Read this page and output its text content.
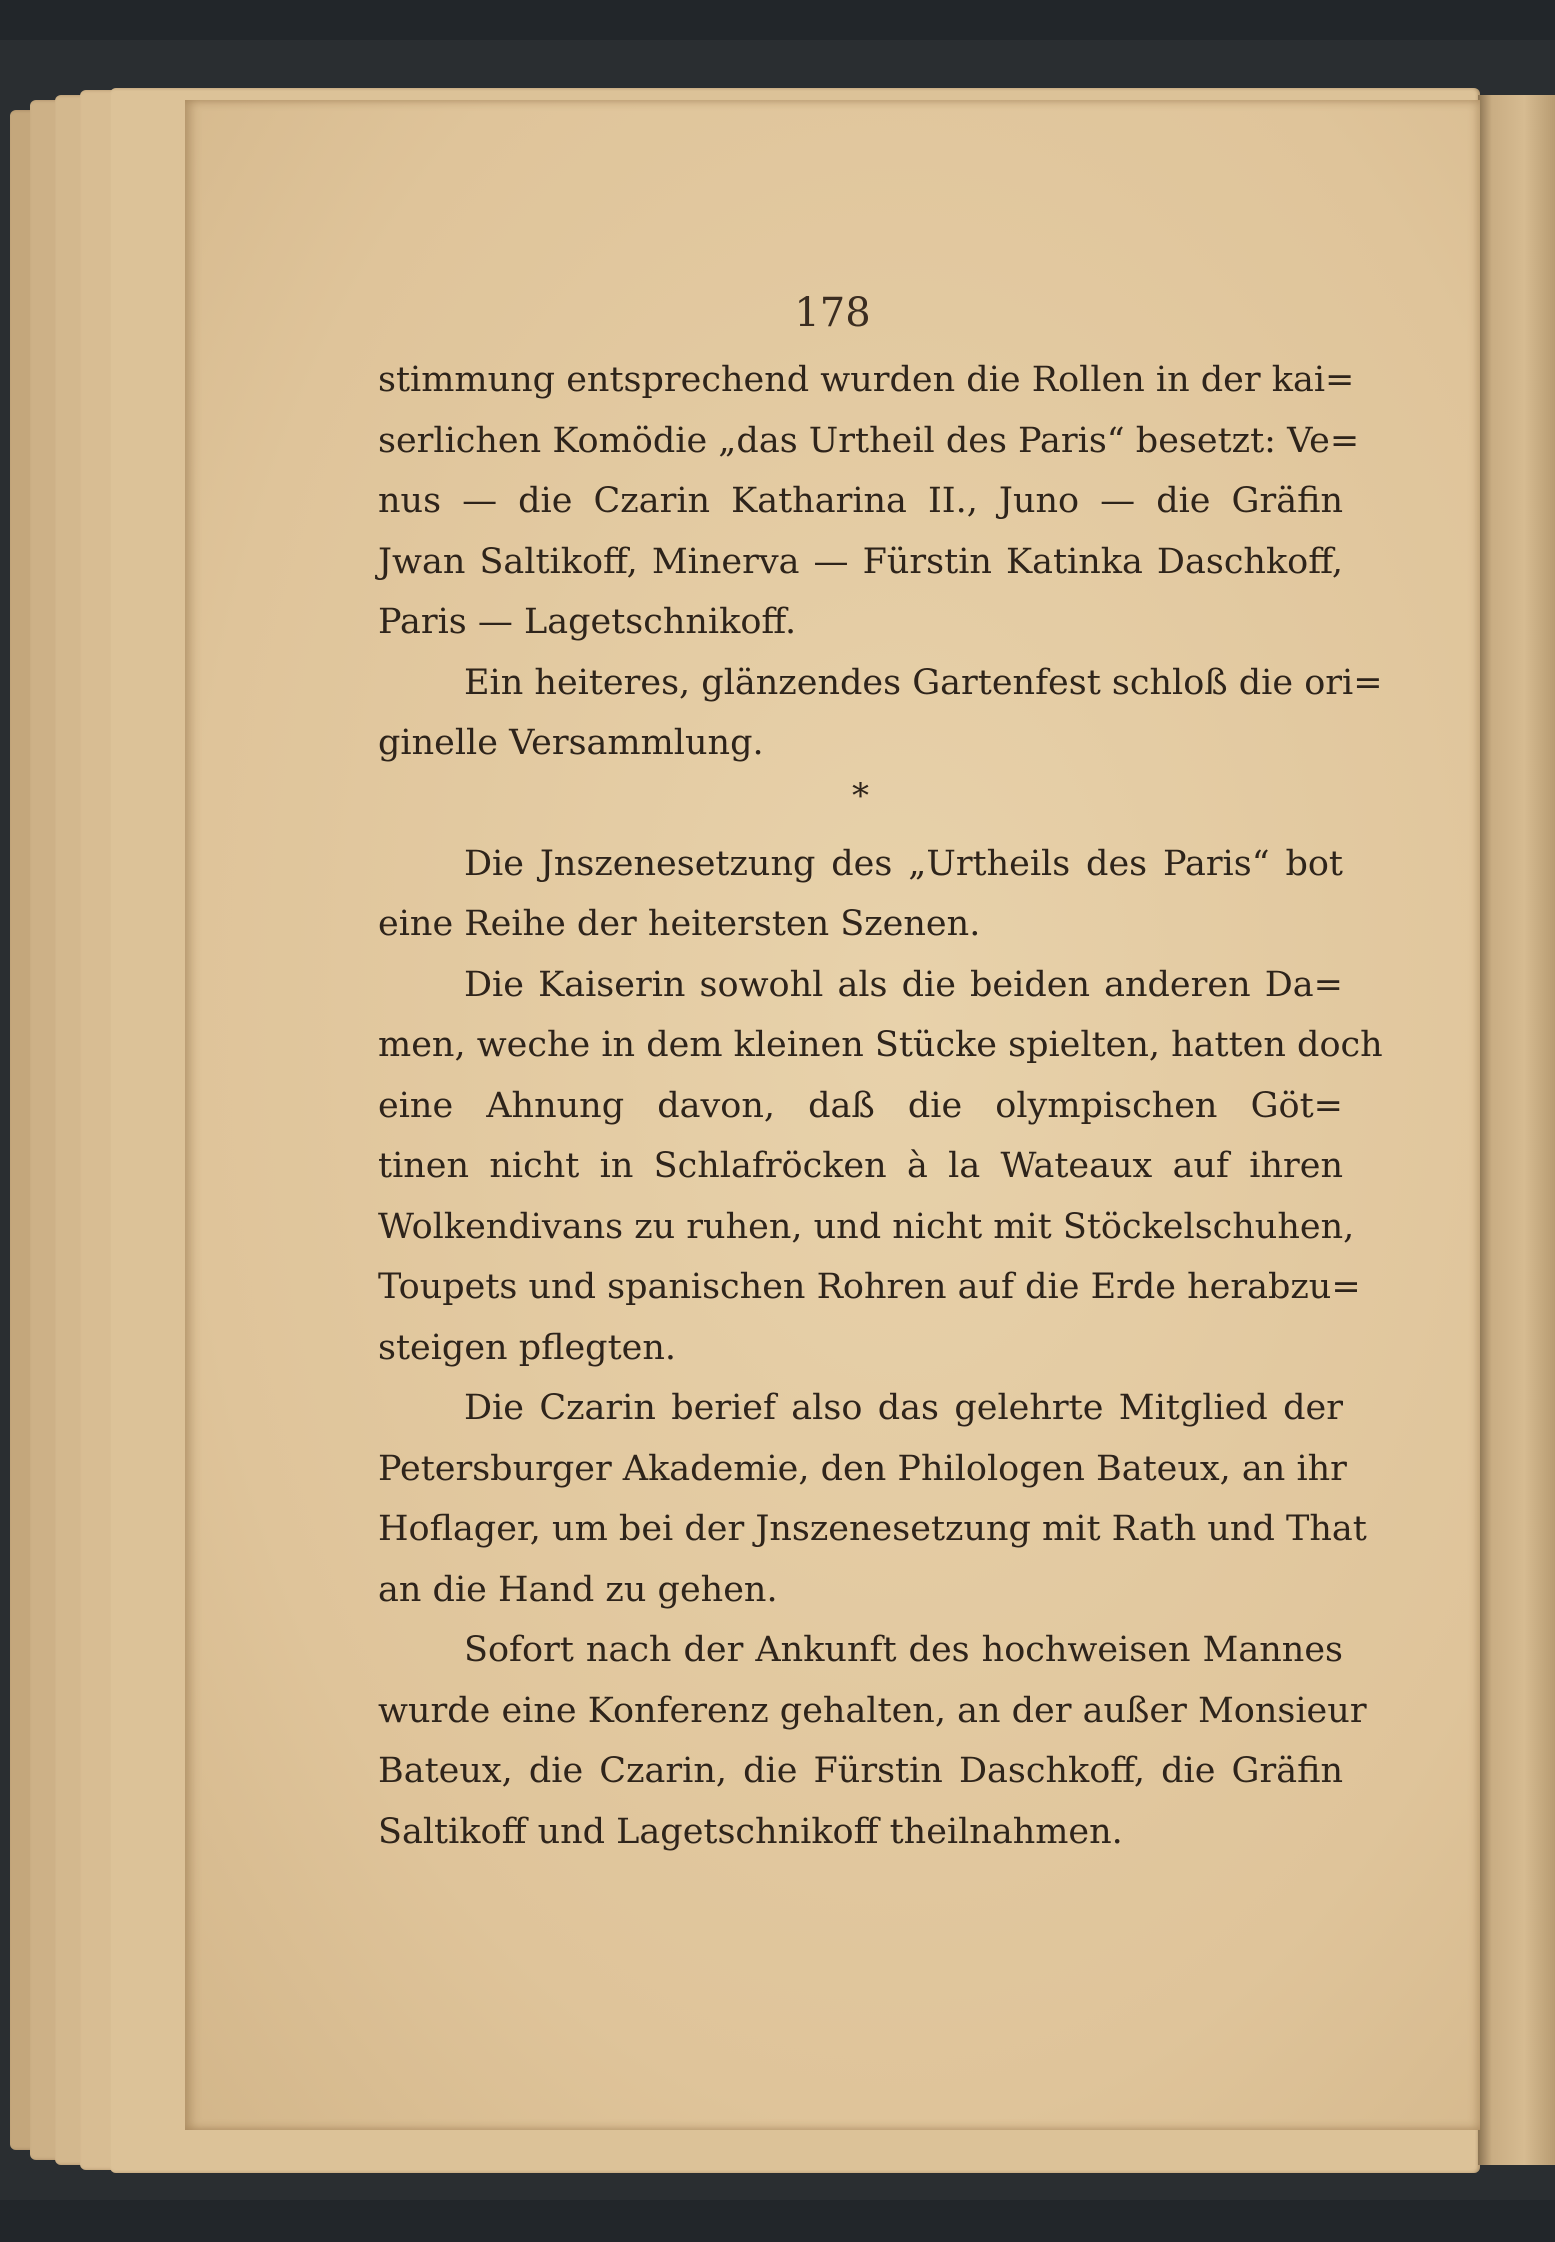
178
stimmung entsprechend wurden die Rollen in der kai=
serlichen Komödie „das Urtheil des Paris“ besetzt: Ve=
nus — die Czarin Katharina II., Juno — die Gräfin
Jwan Saltikoff, Minerva — Fürstin Katinka Daschkoff,
Paris — Lagetschnikoff.
Ein heiteres, glänzendes Gartenfest schloß die ori=
ginelle Versammlung.
*
Die Jnszenesetzung des „Urtheils des Paris“ bot
eine Reihe der heitersten Szenen.
Die Kaiserin sowohl als die beiden anderen Da=
men, weche in dem kleinen Stücke spielten, hatten doch
eine Ahnung davon, daß die olympischen Göt=
tinen nicht in Schlafröcken à la Wateaux auf ihren
Wolkendivans zu ruhen, und nicht mit Stöckelschuhen,
Toupets und spanischen Rohren auf die Erde herabzu=
steigen pflegten.
Die Czarin berief also das gelehrte Mitglied der
Petersburger Akademie, den Philologen Bateux, an ihr
Hoflager, um bei der Jnszenesetzung mit Rath und That
an die Hand zu gehen.
Sofort nach der Ankunft des hochweisen Mannes
wurde eine Konferenz gehalten, an der außer Monsieur
Bateux, die Czarin, die Fürstin Daschkoff, die Gräfin
Saltikoff und Lagetschnikoff theilnahmen.
